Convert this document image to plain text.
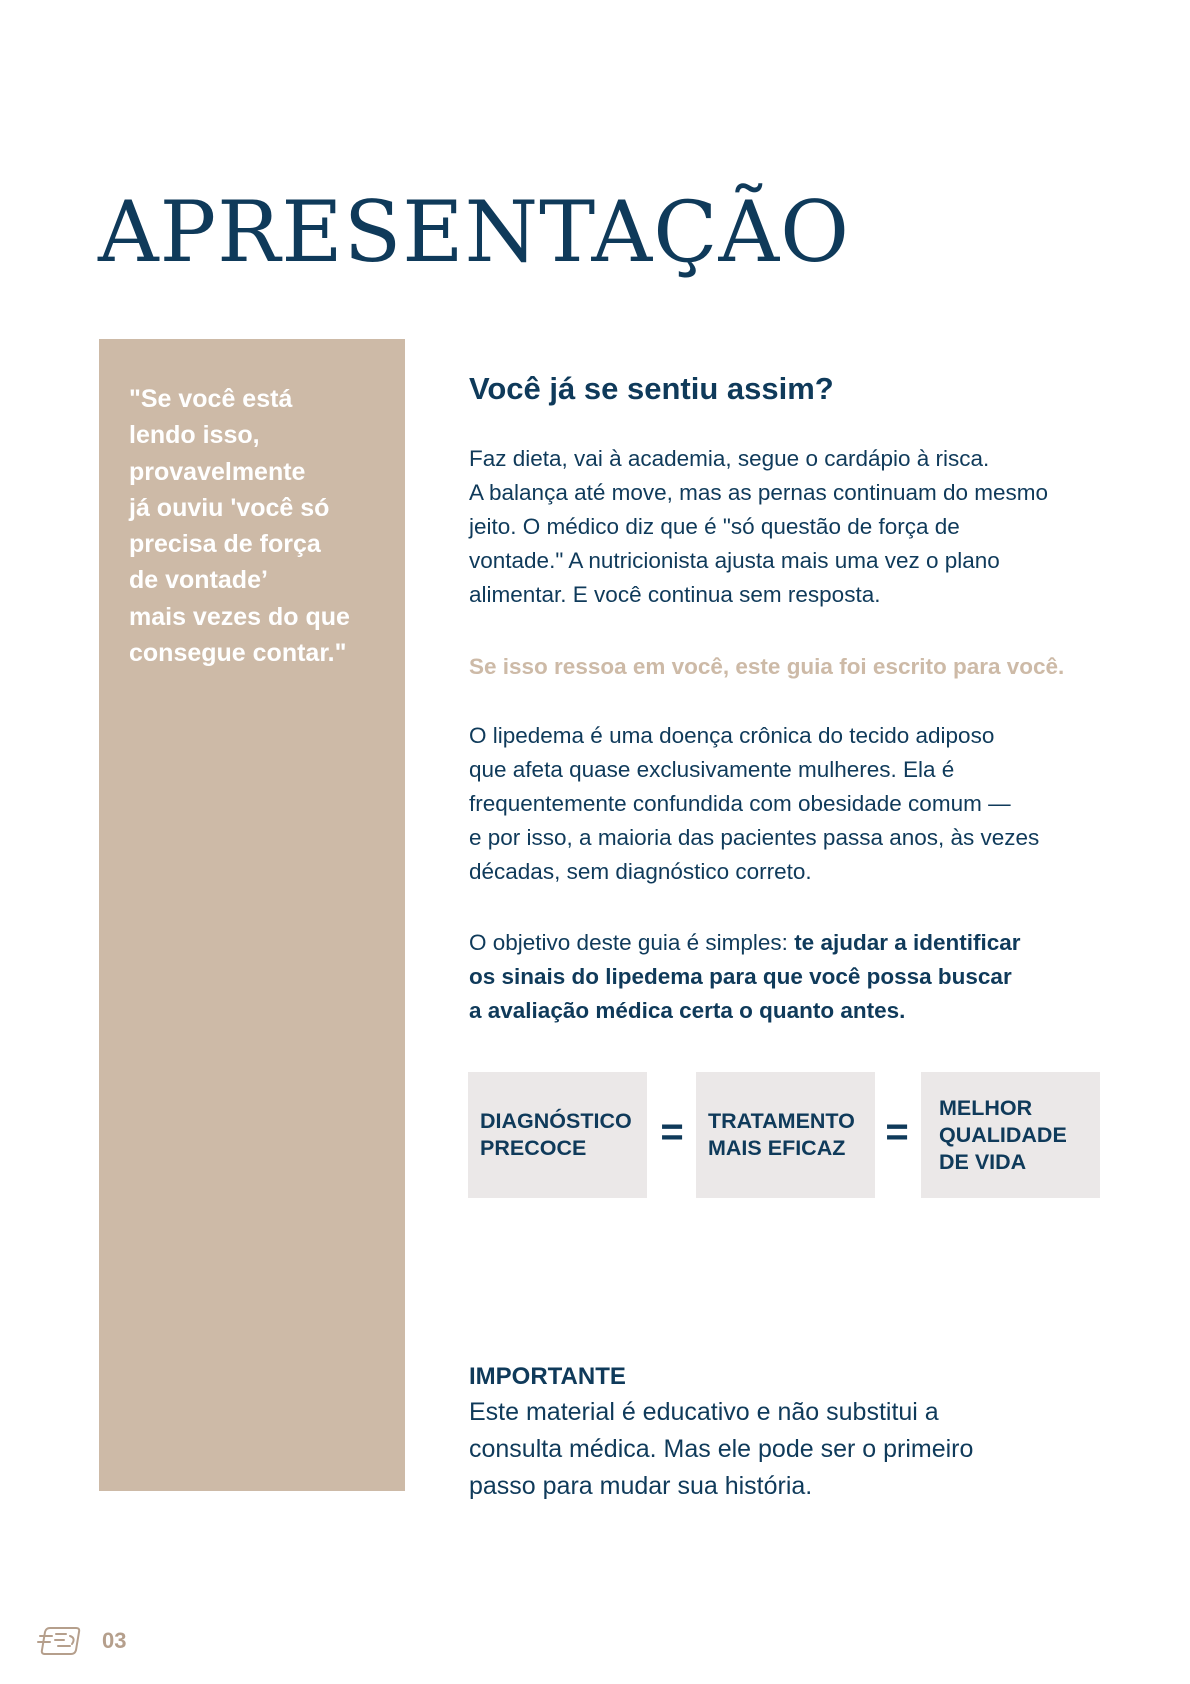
APRESENTAÇÃO
"Se você está
lendo isso,
provavelmente
já ouviu 'você só
precisa de força
de vontade’
mais vezes do que
consegue contar."
Você já se sentiu assim?

Faz dieta, vai à academia, segue o cardápio à risca.
A balança até move, mas as pernas continuam do mesmo
jeito. O médico diz que é "só questão de força de
vontade." A nutricionista ajusta mais uma vez o plano
alimentar. E você continua sem resposta.

Se isso ressoa em você, este guia foi escrito para você.

O lipedema é uma doença crônica do tecido adiposo
que afeta quase exclusivamente mulheres. Ela é
frequentemente confundida com obesidade comum —
e por isso, a maioria das pacientes passa anos, às vezes
décadas, sem diagnóstico correto.

O objetivo deste guia é simples: te ajudar a identificar
os sinais do lipedema para que você possa buscar
a avaliação médica certa o quanto antes.

DIAGNÓSTICO
PRECOCE	=	TRATAMENTO
MAIS EFICAZ =
MELHOR
QUALIDADE
DE VIDA

IMPORTANTE

Este material é educativo e não substitui a
consulta médica. Mas ele pode ser o primeiro
passo para mudar sua história.

03
